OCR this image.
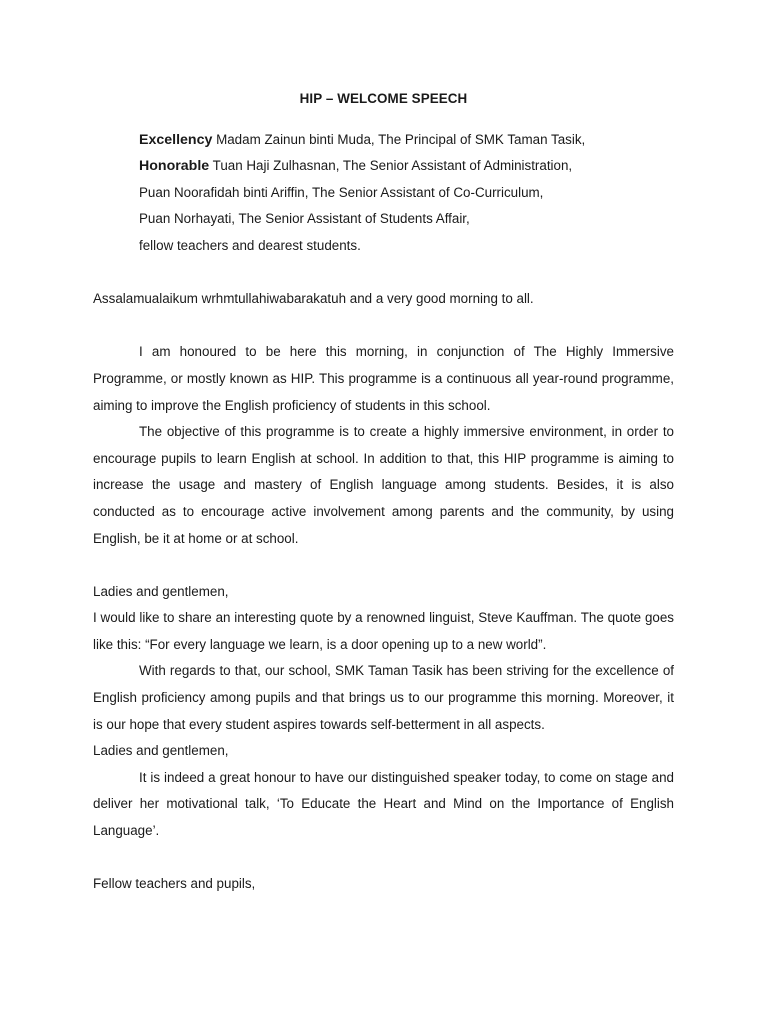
HIP – WELCOME SPEECH

Excellency Madam Zainun binti Muda, The Principal of SMK Taman Tasik,

Honorable Tuan Haji Zulhasnan, The Senior Assistant of Administration,

Puan Noorafidah binti Ariffin, The Senior Assistant of Co-Curriculum,

Puan Norhayati, The Senior Assistant of Students Affair,

fellow teachers and dearest students.

Assalamualaikum wrhmtullahiwabarakatuh and a very good morning to all.

I am honoured to be here this morning, in conjunction of The Highly Immersive Programme, or mostly known as HIP. This programme is a continuous all year-round programme, aiming to improve the English proficiency of students in this school.

The objective of this programme is to create a highly immersive environment, in order to encourage pupils to learn English at school. In addition to that, this HIP programme is aiming to increase the usage and mastery of English language among students. Besides, it is also conducted as to encourage active involvement among parents and the community, by using English, be it at home or at school.

Ladies and gentlemen,

I would like to share an interesting quote by a renowned linguist, Steve Kauffman. The quote goes like this: “For every language we learn, is a door opening up to a new world”.

With regards to that, our school, SMK Taman Tasik has been striving for the excellence of English proficiency among pupils and that brings us to our programme this morning. Moreover, it is our hope that every student aspires towards self-betterment in all aspects.

Ladies and gentlemen,

It is indeed a great honour to have our distinguished speaker today, to come on stage and deliver her motivational talk, ‘To Educate the Heart and Mind on the Importance of English Language’.

Fellow teachers and pupils,
